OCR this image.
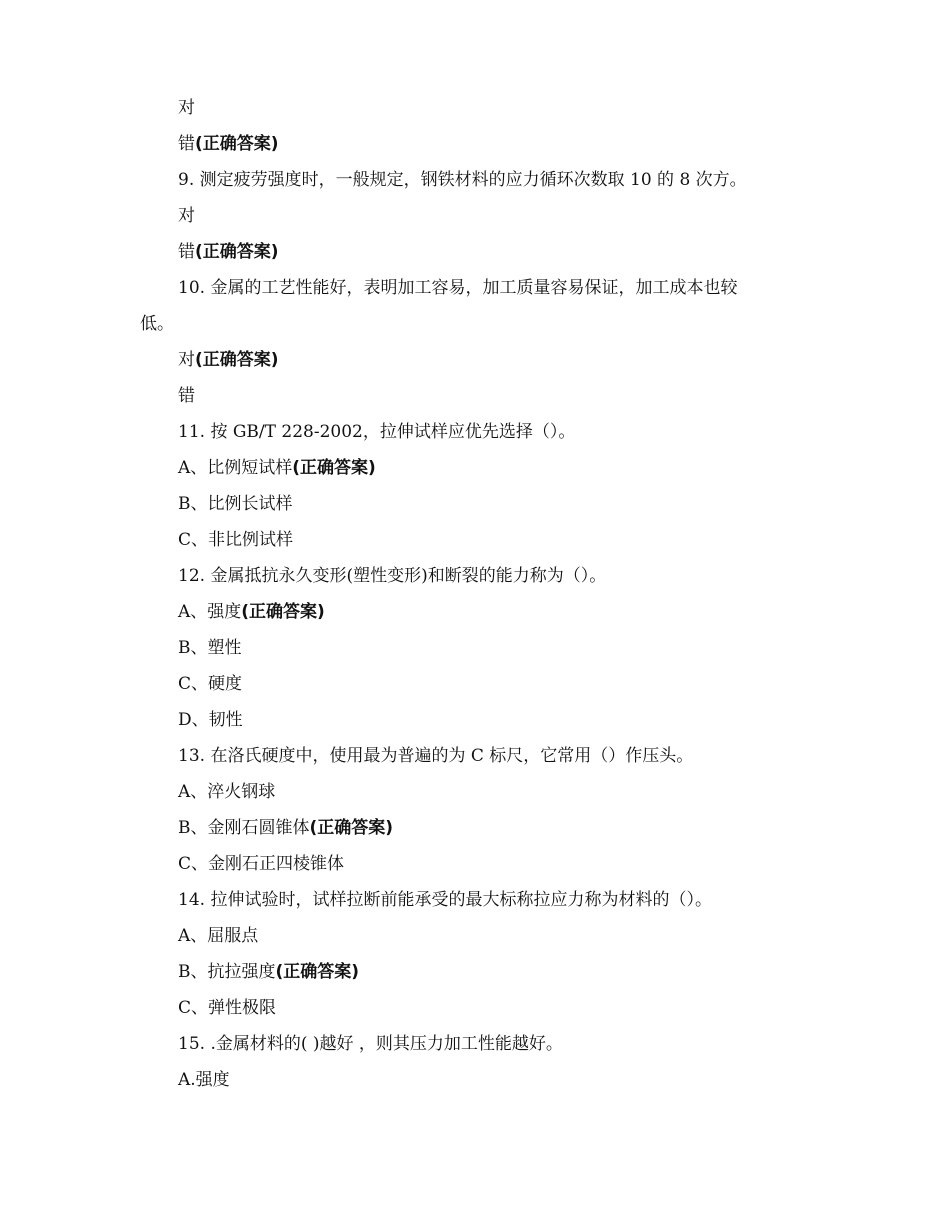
对
错(正确答案)
9. 测定疲劳强度时，一般规定，钢铁材料的应力循环次数取 10 的 8 次方。
对
错(正确答案)
10. 金属的工艺性能好，表明加工容易，加工质量容易保证，加工成本也较
低。
对(正确答案)
错
11. 按 GB/T 228-2002，拉伸试样应优先选择（）。
A、比例短试样(正确答案)
B、比例长试样
C、非比例试样
12. 金属抵抗永久变形(塑性变形)和断裂的能力称为（）。
A、强度(正确答案)
B、塑性
C、硬度
D、韧性
13. 在洛氏硬度中，使用最为普遍的为 C 标尺，它常用（）作压头。
A、淬火钢球
B、金刚石圆锥体(正确答案)
C、金刚石正四棱锥体
14. 拉伸试验时，试样拉断前能承受的最大标称拉应力称为材料的（）。
A、屈服点
B、抗拉强度(正确答案)
C、弹性极限
15. .金属材料的( )越好 ，则其压力加工性能越好。
A.强度
